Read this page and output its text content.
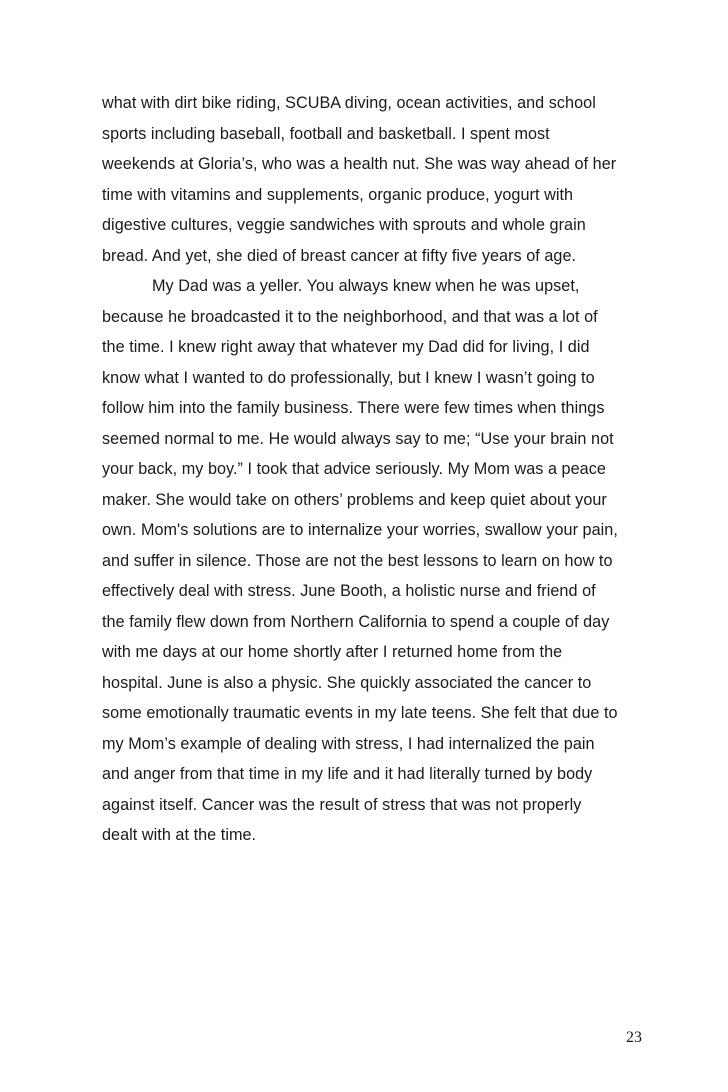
what with dirt bike riding, SCUBA diving, ocean activities, and school
sports including baseball, football and basketball. I spent most
weekends at Gloria’s, who was a health nut. She was way ahead of her
time with vitamins and supplements, organic produce, yogurt with
digestive cultures, veggie sandwiches with sprouts and whole grain
bread. And yet, she died of breast cancer at fifty five years of age.
My Dad was a yeller. You always knew when he was upset,
because he broadcasted it to the neighborhood, and that was a lot of
the time. I knew right away that whatever my Dad did for living, I did
know what I wanted to do professionally, but I knew I wasn’t going to
follow him into the family business. There were few times when things
seemed normal to me. He would always say to me; “Use your brain not
your back, my boy.” I took that advice seriously. My Mom was a peace
maker. She would take on others’ problems and keep quiet about your
own. Mom's solutions are to internalize your worries, swallow your pain,
and suffer in silence. Those are not the best lessons to learn on how to
effectively deal with stress. June Booth, a holistic nurse and friend of
the family flew down from Northern California to spend a couple of day
with me days at our home shortly after I returned home from the
hospital. June is also a physic. She quickly associated the cancer to
some emotionally traumatic events in my late teens. She felt that due to
my Mom’s example of dealing with stress, I had internalized the pain
and anger from that time in my life and it had literally turned by body
against itself. Cancer was the result of stress that was not properly
dealt with at the time.
23
